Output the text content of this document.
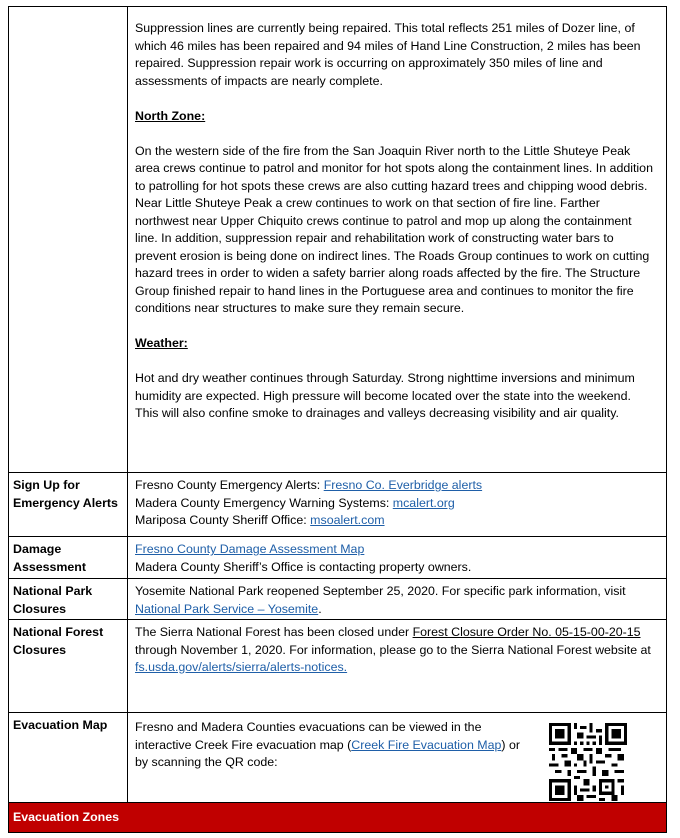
Suppression lines are currently being repaired. This total reflects 251 miles of Dozer line, of which 46 miles has been repaired and 94 miles of Hand Line Construction, 2 miles has been repaired. Suppression repair work is occurring on approximately 350 miles of line and assessments of impacts are nearly complete.

North Zone:

On the western side of the fire from the San Joaquin River north to the Little Shuteye Peak area crews continue to patrol and monitor for hot spots along the containment lines. In addition to patrolling for hot spots these crews are also cutting hazard trees and chipping wood debris. Near Little Shuteye Peak a crew continues to work on that section of fire line. Farther northwest near Upper Chiquito crews continue to patrol and mop up along the containment line. In addition, suppression repair and rehabilitation work of constructing water bars to prevent erosion is being done on indirect lines. The Roads Group continues to work on cutting hazard trees in order to widen a safety barrier along roads affected by the fire. The Structure Group finished repair to hand lines in the Portuguese area and continues to monitor the fire conditions near structures to make sure they remain secure.

Weather:

Hot and dry weather continues through Saturday. Strong nighttime inversions and minimum humidity are expected. High pressure will become located over the state into the weekend. This will also confine smoke to drainages and valleys decreasing visibility and air quality.

Sign Up for Emergency Alerts

Fresno County Emergency Alerts: Fresno Co. Everbridge alerts

Madera County Emergency Warning Systems: mcalert.org

Mariposa County Sheriff Office: msoalert.com

Damage Assessment

Fresno County Damage Assessment Map

Madera County Sheriff’s Office is contacting property owners.

National Park Closures

Yosemite National Park reopened September 25, 2020. For specific park information, visit National Park Service – Yosemite.

National Forest Closures

The Sierra National Forest has been closed under Forest Closure Order No. 05-15-00-20-15 through November 1, 2020. For information, please go to the Sierra National Forest website at fs.usda.gov/alerts/sierra/alerts-notices.

Evacuation Map	Fresno and Madera Counties evacuations can be viewed in the interactive Creek Fire evacuation map (Creek Fire Evacuation Map) or by scanning the QR code:

Evacuation Zones
